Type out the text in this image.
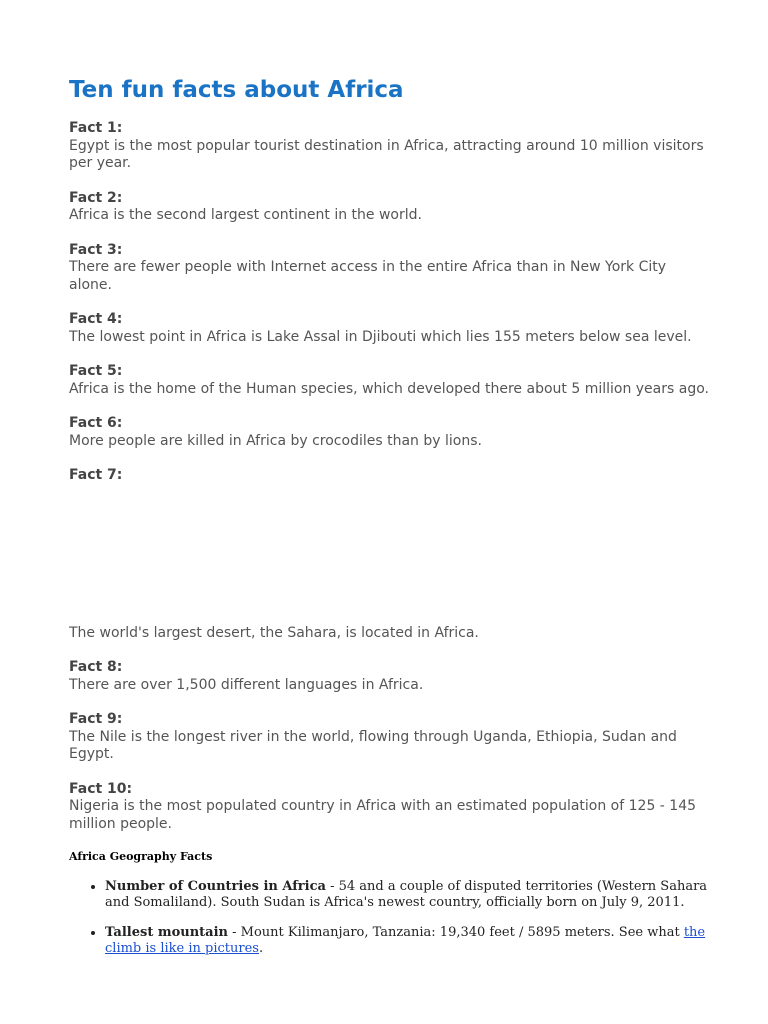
Ten fun facts about Africa
Fact 1:
Egypt is the most popular tourist destination in Africa, attracting around 10 million visitors per year.
Fact 2:
Africa is the second largest continent in the world.
Fact 3:
There are fewer people with Internet access in the entire Africa than in New York City alone.
Fact 4:
The lowest point in Africa is Lake Assal in Djibouti which lies 155 meters below sea level.
Fact 5:
Africa is the home of the Human species, which developed there about 5 million years ago.
Fact 6:
More people are killed in Africa by crocodiles than by lions.
Fact 7:
The world's largest desert, the Sahara, is located in Africa.
Fact 8:
There are over 1,500 different languages in Africa.
Fact 9:
The Nile is the longest river in the world, flowing through Uganda, Ethiopia, Sudan and Egypt.
Fact 10:
Nigeria is the most populated country in Africa with an estimated population of 125 - 145 million people.
Africa Geography Facts
• Number of Countries in Africa - 54 and a couple of disputed territories (Western Sahara and Somaliland). South Sudan is Africa's newest country, officially born on July 9, 2011.
• Tallest mountain - Mount Kilimanjaro, Tanzania: 19,340 feet / 5895 meters. See what the climb is like in pictures.
